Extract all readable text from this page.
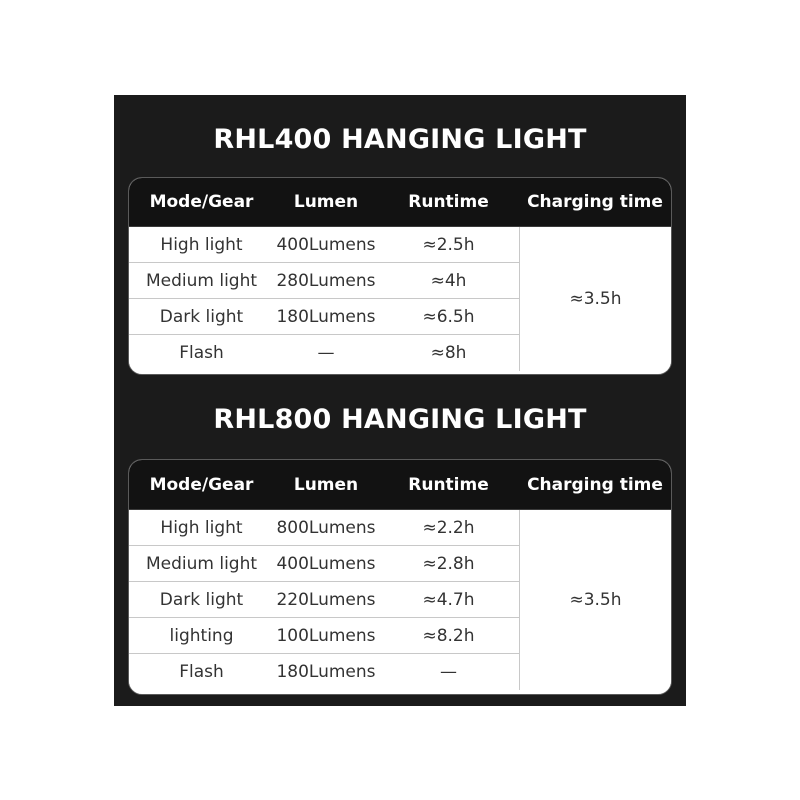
RHL400 HANGING LIGHT
Mode/Gear	Lumen	Runtime	Charging time
High light	400Lumens	≈2.5h
Medium light	280Lumens	≈4h
Dark light	180Lumens	≈6.5h
Flash	—	≈8h
≈3.5h
RHL800 HANGING LIGHT
Mode/Gear	Lumen	Runtime	Charging time
High light	800Lumens	≈2.2h
Medium light	400Lumens	≈2.8h
Dark light	220Lumens	≈4.7h
lighting	100Lumens	≈8.2h
Flash	180Lumens	—
≈3.5h
